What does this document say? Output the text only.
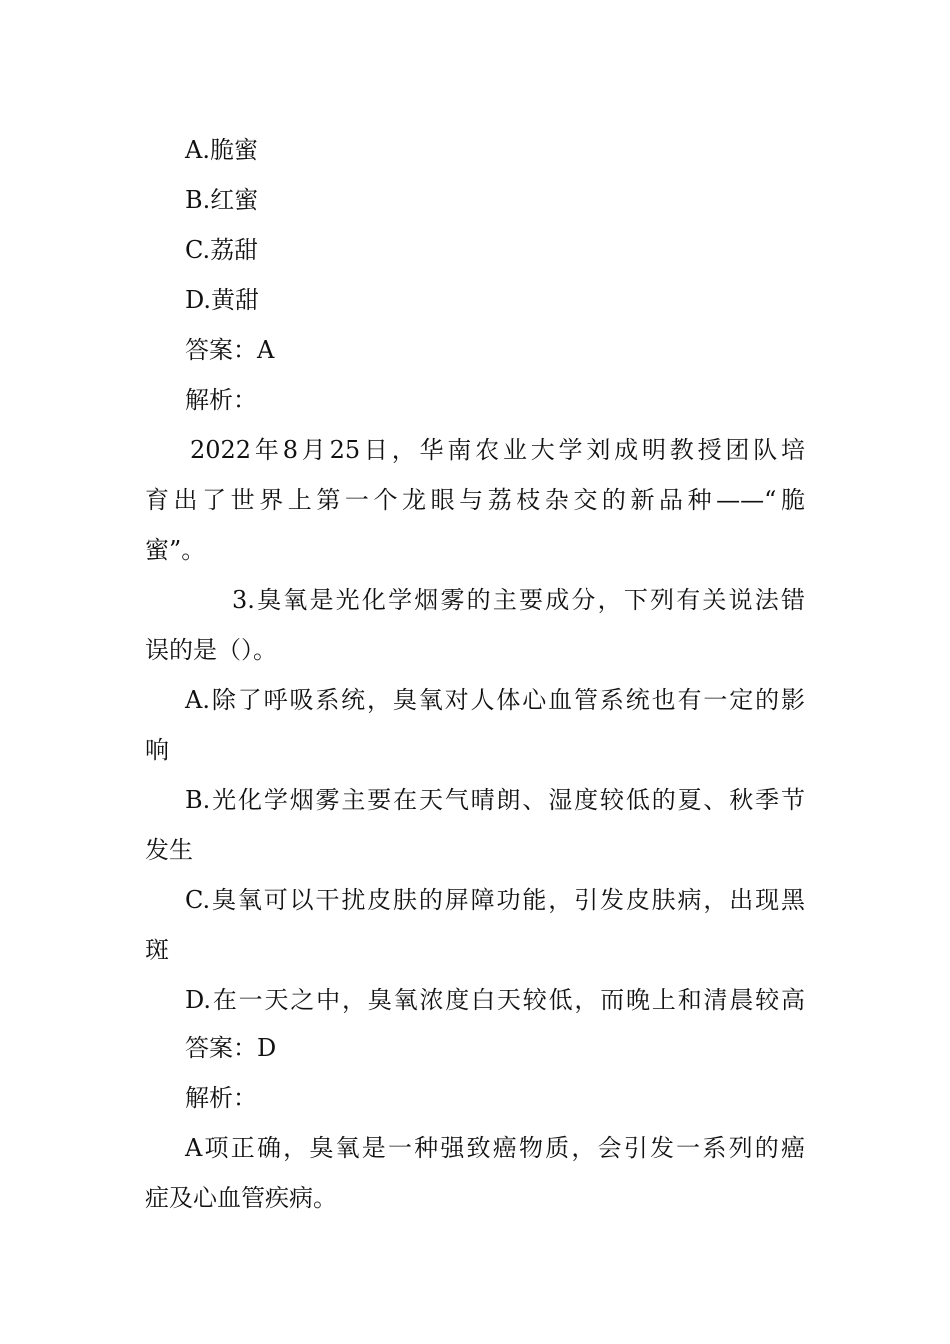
A.脆蜜

B.红蜜

C.荔甜

D.黄甜

答案：A

解析：

2022年8月25日，华南农业大学刘成明教授团队培

育出了世界上第一个龙眼与荔枝杂交的新品种——“脆

蜜”。

3.臭氧是光化学烟雾的主要成分，下列有关说法错

误的是（）。

A.除了呼吸系统，臭氧对人体心血管系统也有一定的影

响

B.光化学烟雾主要在天气晴朗、湿度较低的夏、秋季节

发生

C.臭氧可以干扰皮肤的屏障功能，引发皮肤病，出现黑

斑

D.在一天之中，臭氧浓度白天较低，而晚上和清晨较高

答案：D

解析：

A项正确，臭氧是一种强致癌物质，会引发一系列的癌

症及心血管疾病。
